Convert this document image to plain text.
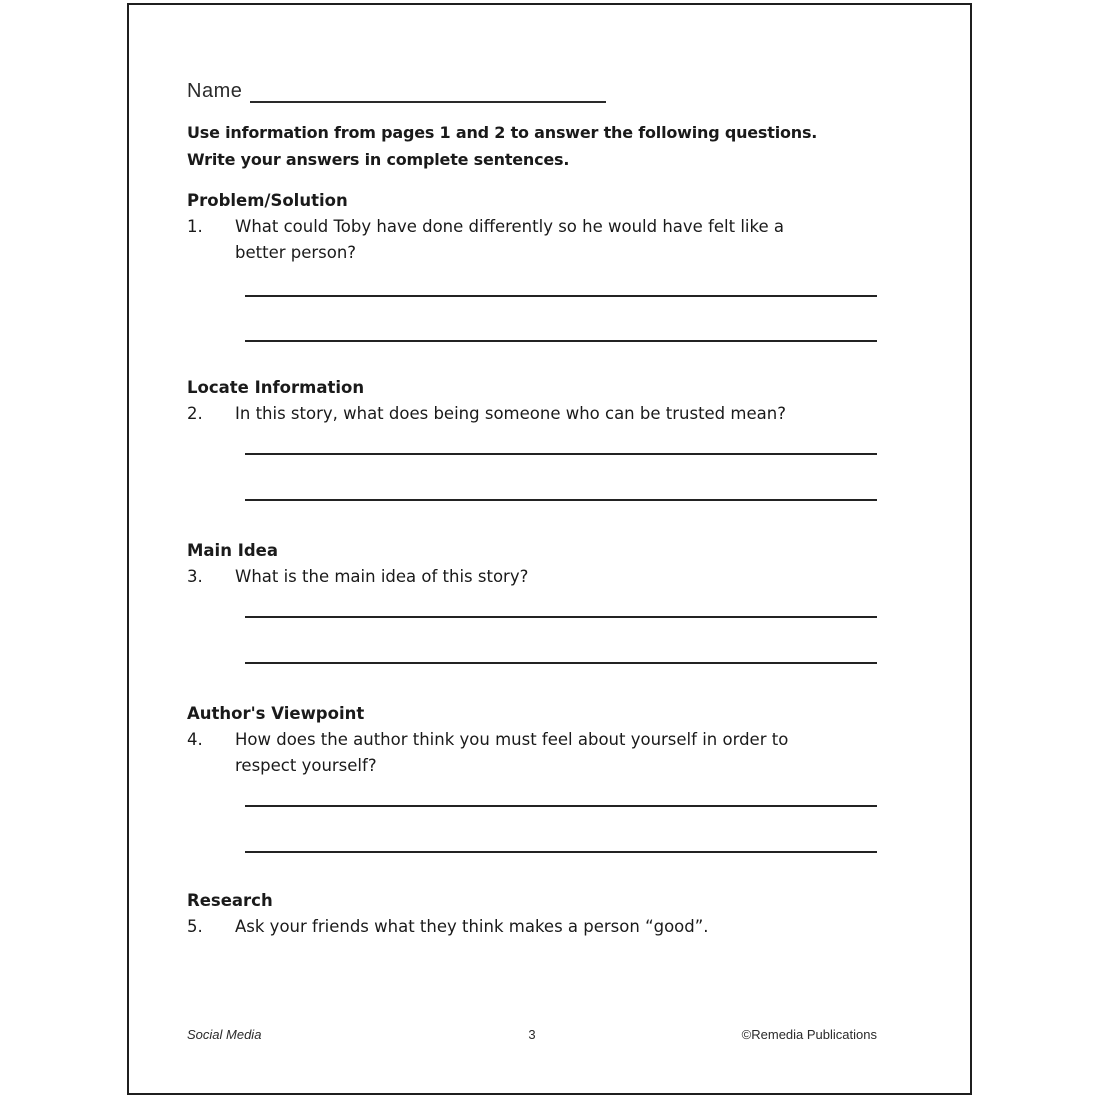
Name
Use information from pages 1 and 2 to answer the following questions.
Write your answers in complete sentences.
Problem/Solution
1.	What could Toby have done differently so he would have felt like a
better person?
Locate Information
2.	In this story, what does being someone who can be trusted mean?
Main Idea
3.	What is the main idea of this story?
Author's Viewpoint
4.	How does the author think you must feel about yourself in order to
respect yourself?
Research
5.	Ask your friends what they think makes a person “good”.
Social Media	3	©Remedia Publications
